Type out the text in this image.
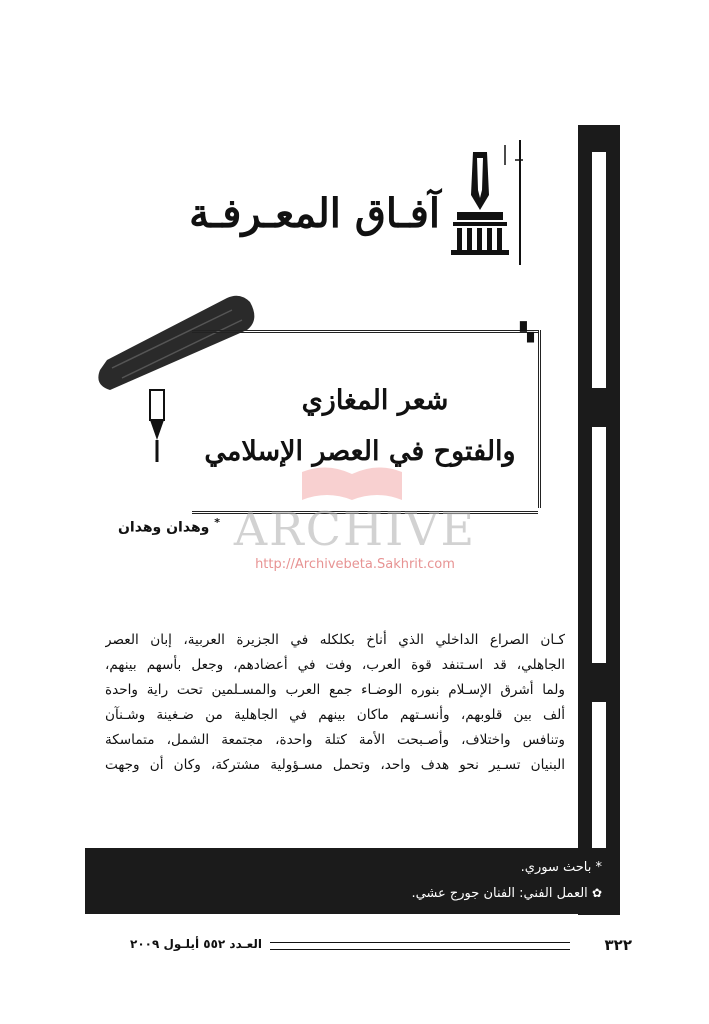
آفـاق المعـرفـة
▚
شعر المغازي
والفتوح في العصر الإسلامي
* وهدان وهدان ARCHIVE
http://Archivebeta.Sakhrit.com
كـان الصراع الداخلي الذي أناخ بكلكله في الجزيرة العربية، إبان العصر
الجاهلي، قد اسـتنفد قوة العرب، وفت في أعضادهم، وجعل بأسهم بينهم،
ولما أشرق الإسـلام بنوره الوضـاء جمع العرب والمسـلمين تحت راية واحدة
ألف بين قلوبهم، وأنسـتهم ماكان بينهم في الجاهلية من ضـغينة وشـنآن
وتنافس واختلاف، وأصـبحت الأمة كتلة واحدة، مجتمعة الشمل، متماسكة
البنيان تسـير نحو هدف واحد، وتحمل مسـؤولية مشتركة، وكان أن وجهت
* باحث سوري.
✿ العمل الفني: الفنان جورج عشي.
العـدد ٥٥٢ أيلـول ٢٠٠٩	٣٢٢
